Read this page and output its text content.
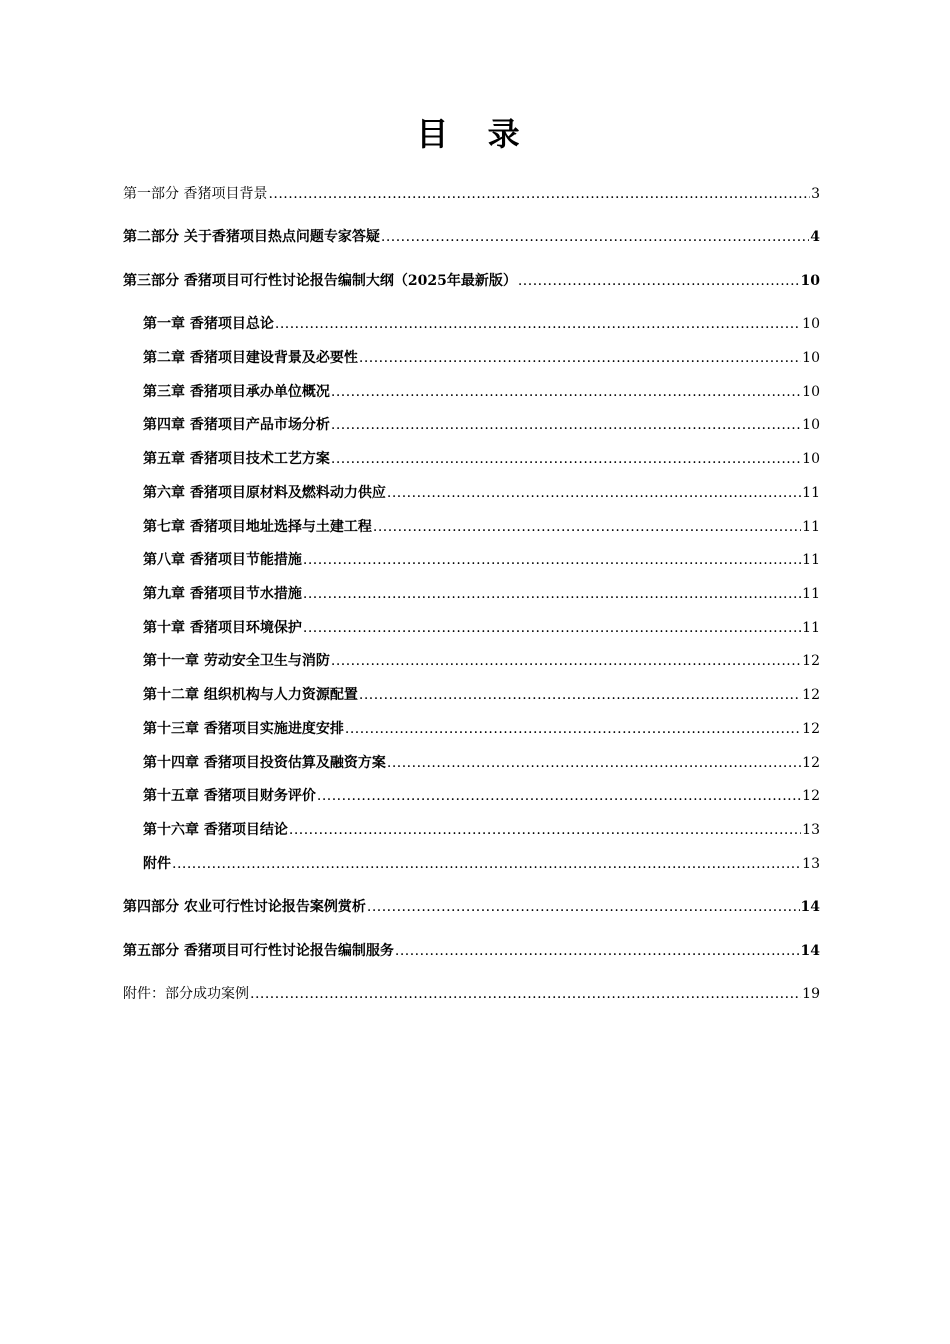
目 录
第一部分 香猪项目背景 .....	3
第二部分 关于香猪项目热点问题专家答疑 .....	4
第三部分 香猪项目可行性讨论报告编制大纲（2025年最新版） .....	10
第一章 香猪项目总论 .....	10
第二章 香猪项目建设背景及必要性 .....	10
第三章 香猪项目承办单位概况 .....	10
第四章 香猪项目产品市场分析 .....	10
第五章 香猪项目技术工艺方案 .....	10
第六章 香猪项目原材料及燃料动力供应 .....	11
第七章 香猪项目地址选择与土建工程 .....	11
第八章 香猪项目节能措施 .....	11
第九章 香猪项目节水措施 .....	11
第十章 香猪项目环境保护 .....	11
第十一章 劳动安全卫生与消防 .....	12
第十二章 组织机构与人力资源配置 .....	12
第十三章 香猪项目实施进度安排 .....	12
第十四章 香猪项目投资估算及融资方案 .....	12
第十五章 香猪项目财务评价 .....	12
第十六章 香猪项目结论 .....	13
附件 .....	13
第四部分 农业可行性讨论报告案例赏析 .....	14
第五部分 香猪项目可行性讨论报告编制服务 .....	14
附件：部分成功案例 .....	19
